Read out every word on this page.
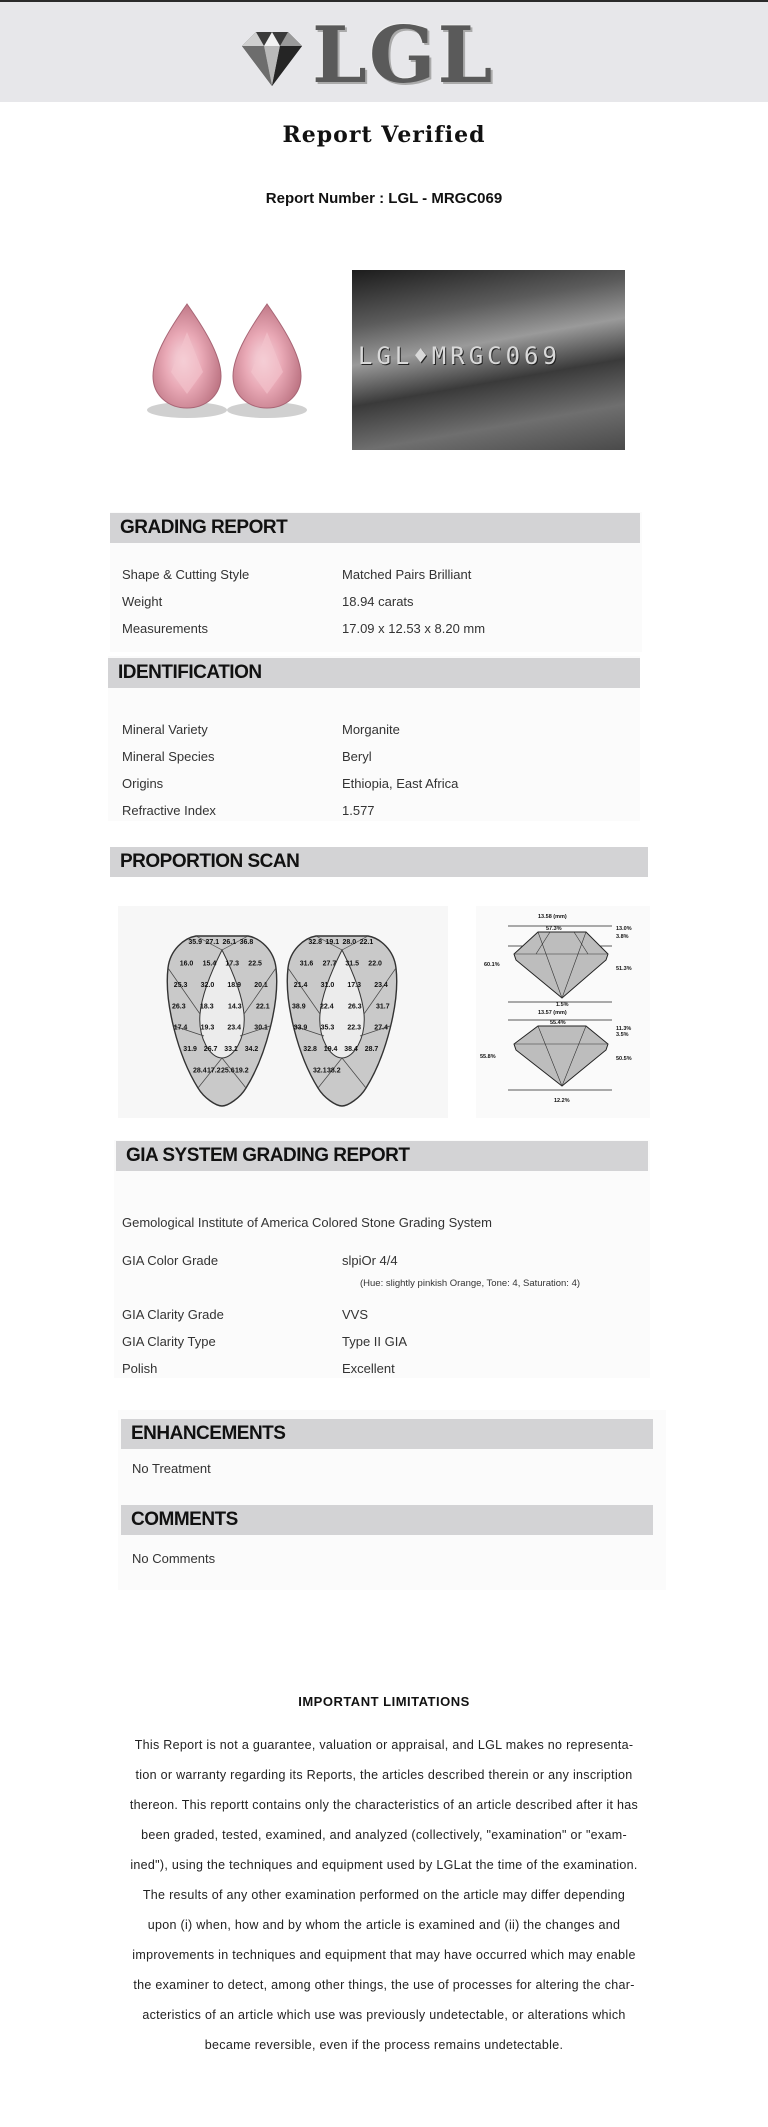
LGL
Report Verified
Report Number : LGL - MRGC069
LGL♦MRGC069
GRADING REPORT
Shape & Cutting Style	Matched Pairs Brilliant
Weight	18.94 carats
Measurements	17.09 x 12.53 x 8.20 mm
IDENTIFICATION
Mineral Variety	Morganite
Mineral Species	Beryl
Origins	Ethiopia, East Africa
Refractive Index	1.577
PROPORTION SCAN
35.9 27.1 26.1 36.8
16.0 15.4 17.3 22.5
25.3 32.0 18.9 20.1
26.3 18.3 14.3 22.1
17.4 19.3 23.4 30.1
31.9 26.7 33.1 34.2
28.4 17.2 25.6 19.2
32.8 19.1 28.0 22.1
31.6 27.7 31.5 22.0
21.4 31.0 17.3 23.4
38.9 22.4 26.3 31.7
33.9 35.3 22.3 27.4
32.8 19.4 38.4 28.7
32.1 38.2
13.58 (mm)
57.3%	13.0%
3.8%
60.1%
51.3%
1.5%
13.57 (mm)
55.4%
11.3%
3.5%
55.8%	50.5%
12.2%
GIA SYSTEM GRADING REPORT
Gemological Institute of America Colored Stone Grading System
GIA Color Grade	slpiOr 4/4
(Hue: slightly pinkish Orange, Tone: 4, Saturation: 4)
GIA Clarity Grade	VVS
GIA Clarity Type	Type II GIA
Polish	Excellent
ENHANCEMENTS
No Treatment
COMMENTS
No Comments
IMPORTANT LIMITATIONS
This Report is not a guarantee, valuation or appraisal, and LGL makes no representa-
tion or warranty regarding its Reports, the articles described therein or any inscription
thereon. This reportt contains only the characteristics of an article described after it has
been graded, tested, examined, and analyzed (collectively, "examination" or "exam-
ined"), using the techniques and equipment used by LGLat the time of the examination.
The results of any other examination performed on the article may differ depending
upon (i) when, how and by whom the article is examined and (ii) the changes and
improvements in techniques and equipment that may have occurred which may enable
the examiner to detect, among other things, the use of processes for altering the char-
acteristics of an article which use was previously undetectable, or alterations which
became reversible, even if the process remains undetectable.
